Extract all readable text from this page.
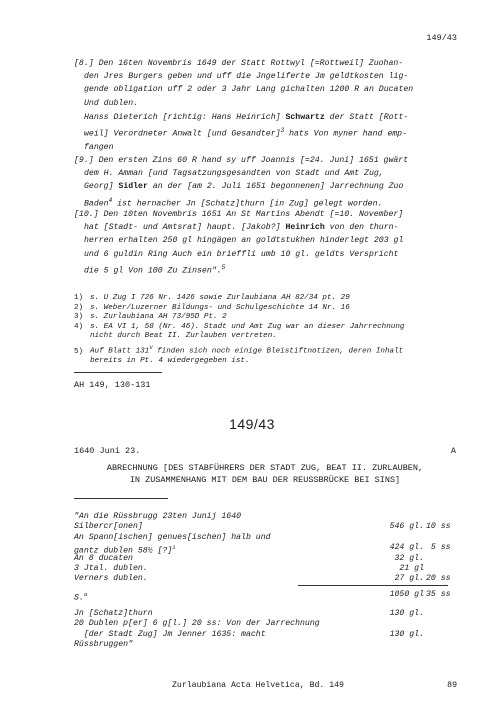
149/43
[8.] Den 16ten Novembris 1649 der Statt Rottwyl [=Rottweil] Zuohan-
den Jres Burgers geben und uff die Jngeliferte Jm geldtkosten lig-
gende obligation uff 2 oder 3 Jahr Lang gichalten 1200 R an Ducaten
Und dublen.
Hanss Dieterich [richtig: Hans Heinrich] Schwartz der Statt [Rott-
weil] Verordneter Anwalt [und Gesandter]$^3$ hats Von myner hand emp-
fangen
[9.] Den ersten Zins 60 R hand sy uff Joannis [=24. Juni] 1651 gwärt
dem H. Amman [und Tagsatzungsgesandten von Stadt und Amt Zug,
Georg] Sidler an der [am 2. Juli 1651 begonnenen] Jarrechnung Zuo
Baden$^4$ ist hernacher Jn [Schatz]thurn [in Zug] gelegt worden.
[10.] Den 10ten Novembris 1651 An St Martins Abendt [=10. November]
hat [Stadt- und Amtsrat] haupt. [Jakob?] Heinrich von den thurn-
herren erhalten 250 gl hingägen an goldtstukhen hinderlegt 203 gl
und 6 guldin Ring Auch ein brieffli umb 10 gl. geldts Verspricht
die 5 gl Von 100 Zu Zinsen".$^5$
1) s. U Zug I 726 Nr. 1426 sowie Zurlaubiana AH 82/34 pt. 29
2) s. Weber/Luzerner Bildungs- und Schulgeschichte 14 Nr. 16
3) s. Zurlaubiana AH 73/95D Pt. 2
4) s. EA VI 1, 58 (Nr. 46). Stadt und Amt Zug war an dieser Jahrrechnung
nicht durch Beat II. Zurlauben vertreten.
5) Auf Blatt $131^V$ finden sich noch einige Bleistiftnotizen, deren Inhalt
bereits in Pt. 4 wiedergegeben ist.
AH 149, 130-131
149/43
1640 Juni 23.	A
ABRECHNUNG [DES STABFÜHRERS DER STADT ZUG, BEAT II. ZURLAUBEN,
IN ZUSAMMENHANG MIT DEM BAU DER REUSSBRÜCKE BEI SINS]
"An die Rüssbrugg 23ten Junij 1640
Silbercr[onen]	546 gl. 10 ss
An Spann[ischen] genues[ischen] halb und
gantz dublen 58½ [?]$^1$	424 gl. 5 ss
An 8 ducaten	32 gl.
3 Jtal. dublen.	21 gl
Verners dublen.	27 gl. 20 ss
S.$^a$	1050 gl 35 ss
Jn [Schatz]thurn	130 gl.
20 Dublen p[er] 6 g[l.] 20 ss: Von der Jarrechnung
[der Stadt Zug] Jm Jenner 1635: macht	130 gl.
Rüssbruggen"
Zurlaubiana Acta Helvetica, Bd. 149	89
